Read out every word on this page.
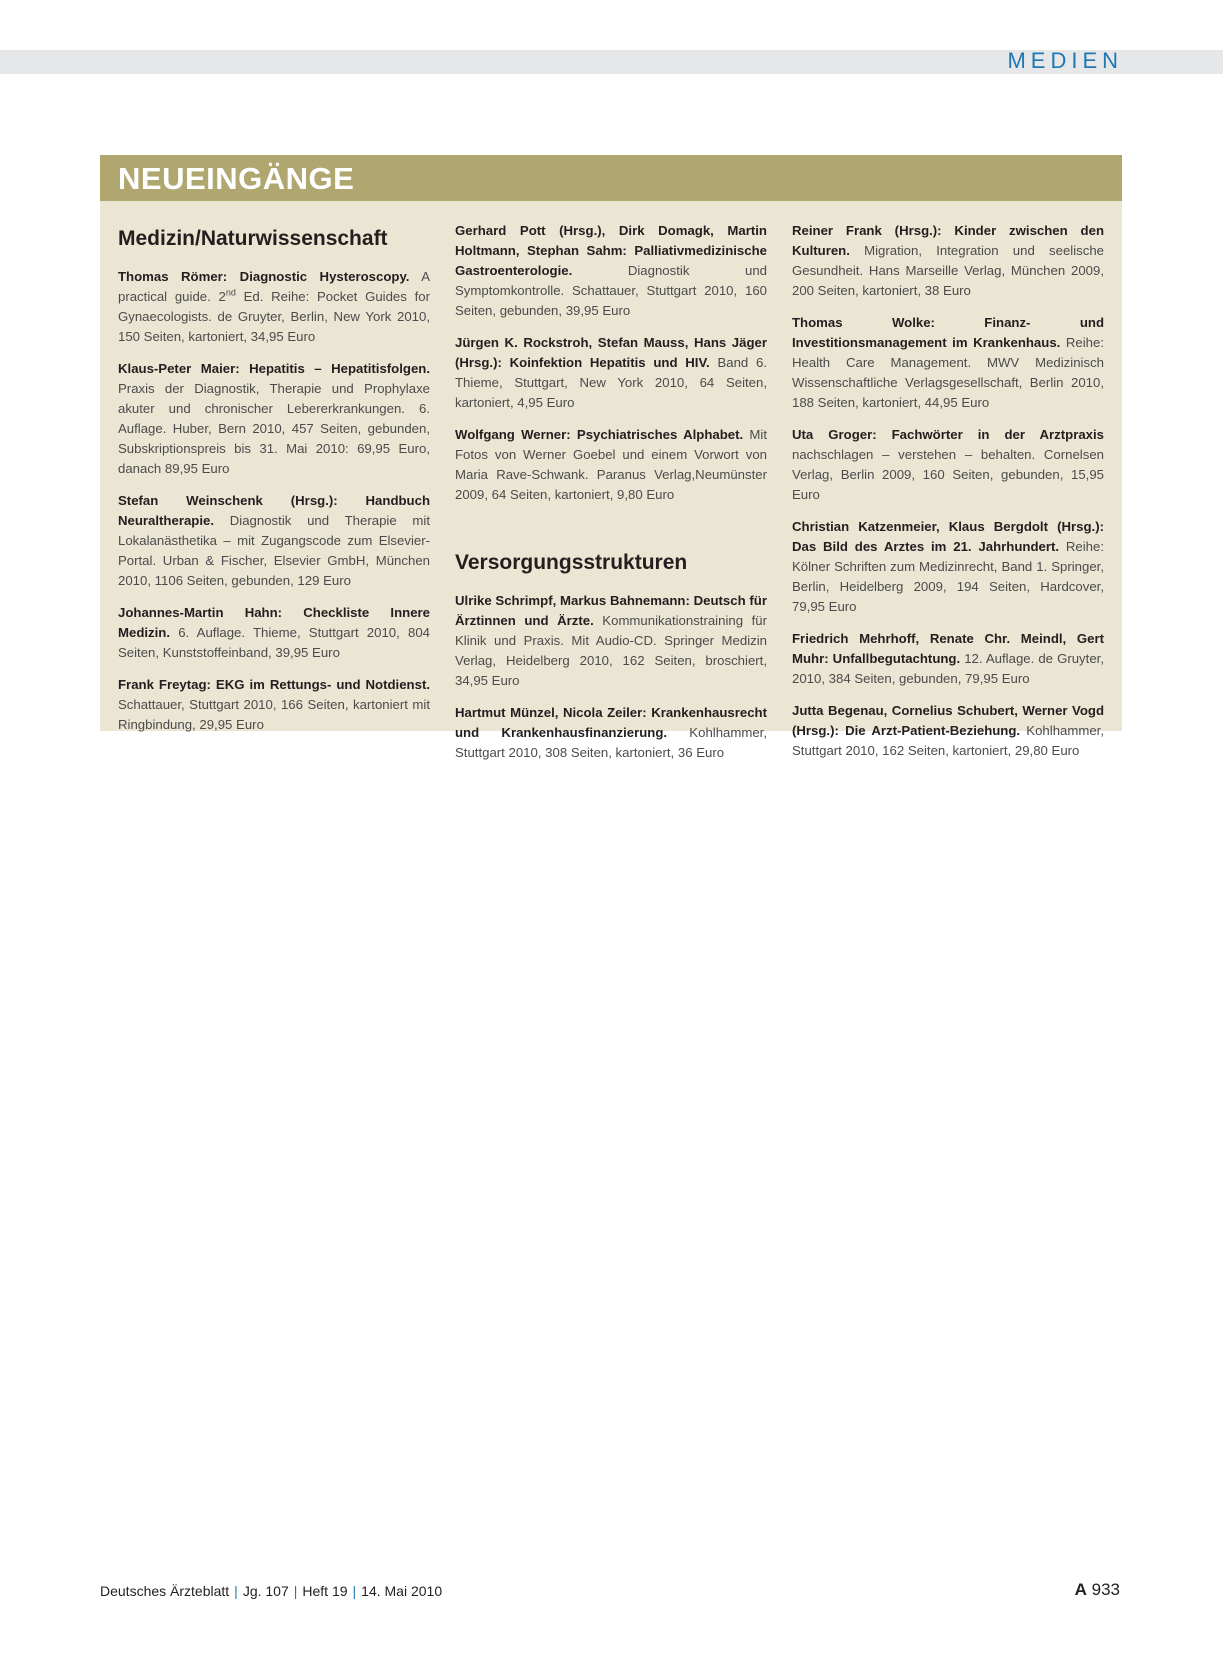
MEDIEN
NEUEINGÄNGE
Medizin/Naturwissenschaft
Thomas Römer: Diagnostic Hysteroscopy. A practical guide. 2nd Ed. Reihe: Pocket Guides for Gynaecologists. de Gruyter, Berlin, New York 2010, 150 Seiten, kartoniert, 34,95 Euro
Klaus-Peter Maier: Hepatitis – Hepatitisfolgen. Praxis der Diagnostik, Therapie und Prophylaxe akuter und chronischer Lebererkrankungen. 6. Auflage. Huber, Bern 2010, 457 Seiten, gebunden, Subskriptionspreis bis 31. Mai 2010: 69,95 Euro, danach 89,95 Euro
Stefan Weinschenk (Hrsg.): Handbuch Neuraltherapie. Diagnostik und Therapie mit Lokalanästhetika – mit Zugangscode zum Elsevier-Portal. Urban & Fischer, Elsevier GmbH, München 2010, 1106 Seiten, gebunden, 129 Euro
Johannes-Martin Hahn: Checkliste Innere Medizin. 6. Auflage. Thieme, Stuttgart 2010, 804 Seiten, Kunststoffeinband, 39,95 Euro
Frank Freytag: EKG im Rettungs- und Notdienst. Schattauer, Stuttgart 2010, 166 Seiten, kartoniert mit Ringbindung, 29,95 Euro
Gerhard Pott (Hrsg.), Dirk Domagk, Martin Holtmann, Stephan Sahm: Palliativmedizinische Gastroenterologie. Diagnostik und Symptomkontrolle. Schattauer, Stuttgart 2010, 160 Seiten, gebunden, 39,95 Euro
Jürgen K. Rockstroh, Stefan Mauss, Hans Jäger (Hrsg.): Koinfektion Hepatitis und HIV. Band 6. Thieme, Stuttgart, New York 2010, 64 Seiten, kartoniert, 4,95 Euro
Wolfgang Werner: Psychiatrisches Alphabet. Mit Fotos von Werner Goebel und einem Vorwort von Maria Rave-Schwank. Paranus Verlag,Neumünster 2009, 64 Seiten, kartoniert, 9,80 Euro
Versorgungsstrukturen
Ulrike Schrimpf, Markus Bahnemann: Deutsch für Ärztinnen und Ärzte. Kommunikationstraining für Klinik und Praxis. Mit Audio-CD. Springer Medizin Verlag, Heidelberg 2010, 162 Seiten, broschiert, 34,95 Euro
Hartmut Münzel, Nicola Zeiler: Krankenhausrecht und Krankenhausfinanzierung. Kohlhammer, Stuttgart 2010, 308 Seiten, kartoniert, 36 Euro
Reiner Frank (Hrsg.): Kinder zwischen den Kulturen. Migration, Integration und seelische Gesundheit. Hans Marseille Verlag, München 2009, 200 Seiten, kartoniert, 38 Euro
Thomas Wolke: Finanz- und Investitionsmanagement im Krankenhaus. Reihe: Health Care Management. MWV Medizinisch Wissenschaftliche Verlagsgesellschaft, Berlin 2010, 188 Seiten, kartoniert, 44,95 Euro
Uta Groger: Fachwörter in der Arztpraxis nachschlagen – verstehen – behalten. Cornelsen Verlag, Berlin 2009, 160 Seiten, gebunden, 15,95 Euro
Christian Katzenmeier, Klaus Bergdolt (Hrsg.): Das Bild des Arztes im 21. Jahrhundert. Reihe: Kölner Schriften zum Medizinrecht, Band 1. Springer, Berlin, Heidelberg 2009, 194 Seiten, Hardcover, 79,95 Euro
Friedrich Mehrhoff, Renate Chr. Meindl, Gert Muhr: Unfallbegutachtung. 12. Auflage. de Gruyter, 2010, 384 Seiten, gebunden, 79,95 Euro
Jutta Begenau, Cornelius Schubert, Werner Vogd (Hrsg.): Die Arzt-Patient-Beziehung. Kohlhammer, Stuttgart 2010, 162 Seiten, kartoniert, 29,80 Euro
Deutsches Ärzteblatt | Jg. 107 | Heft 19 | 14. Mai 2010	A 933
